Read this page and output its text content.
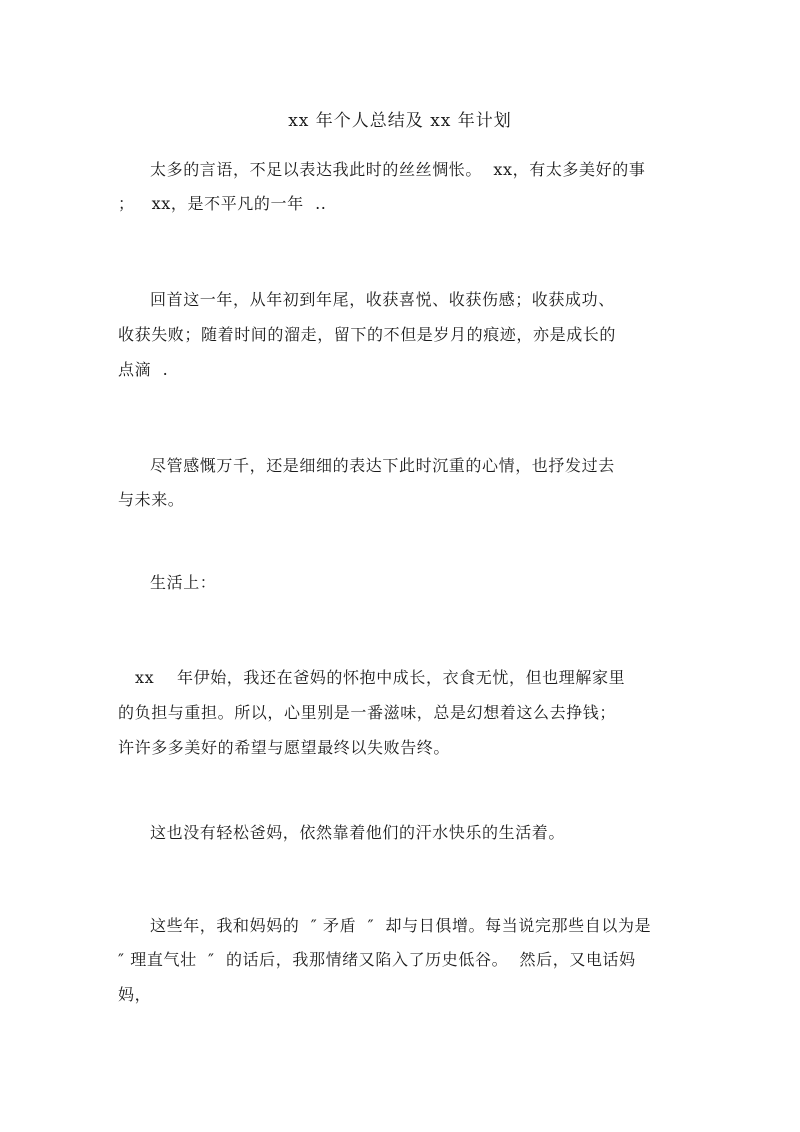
xx 年个人总结及 xx 年计划
太多的言语，不足以表达我此时的丝丝惆怅。  xx，有太多美好的事
；   xx，是不平凡的一年  ..
回首这一年，从年初到年尾，收获喜悦、收获伤感；收获成功、
收获失败；随着时间的溜走，留下的不但是岁月的痕迹，亦是成长的
点滴  .
尽管感慨万千，还是细细的表达下此时沉重的心情，也抒发过去
与未来。
生活上：
xx    年伊始，我还在爸妈的怀抱中成长，衣食无忧，但也理解家里
的负担与重担。所以，心里别是一番滋味，总是幻想着这么去挣钱；
许许多多美好的希望与愿望最终以失败告终。
这也没有轻松爸妈，依然靠着他们的汗水快乐的生活着。
这些年，我和妈妈的  ″ 矛盾  ″  却与日俱增。每当说完那些自以为是
″ 理直气壮  ″  的话后，我那情绪又陷入了历史低谷。  然后，又电话妈
妈，
